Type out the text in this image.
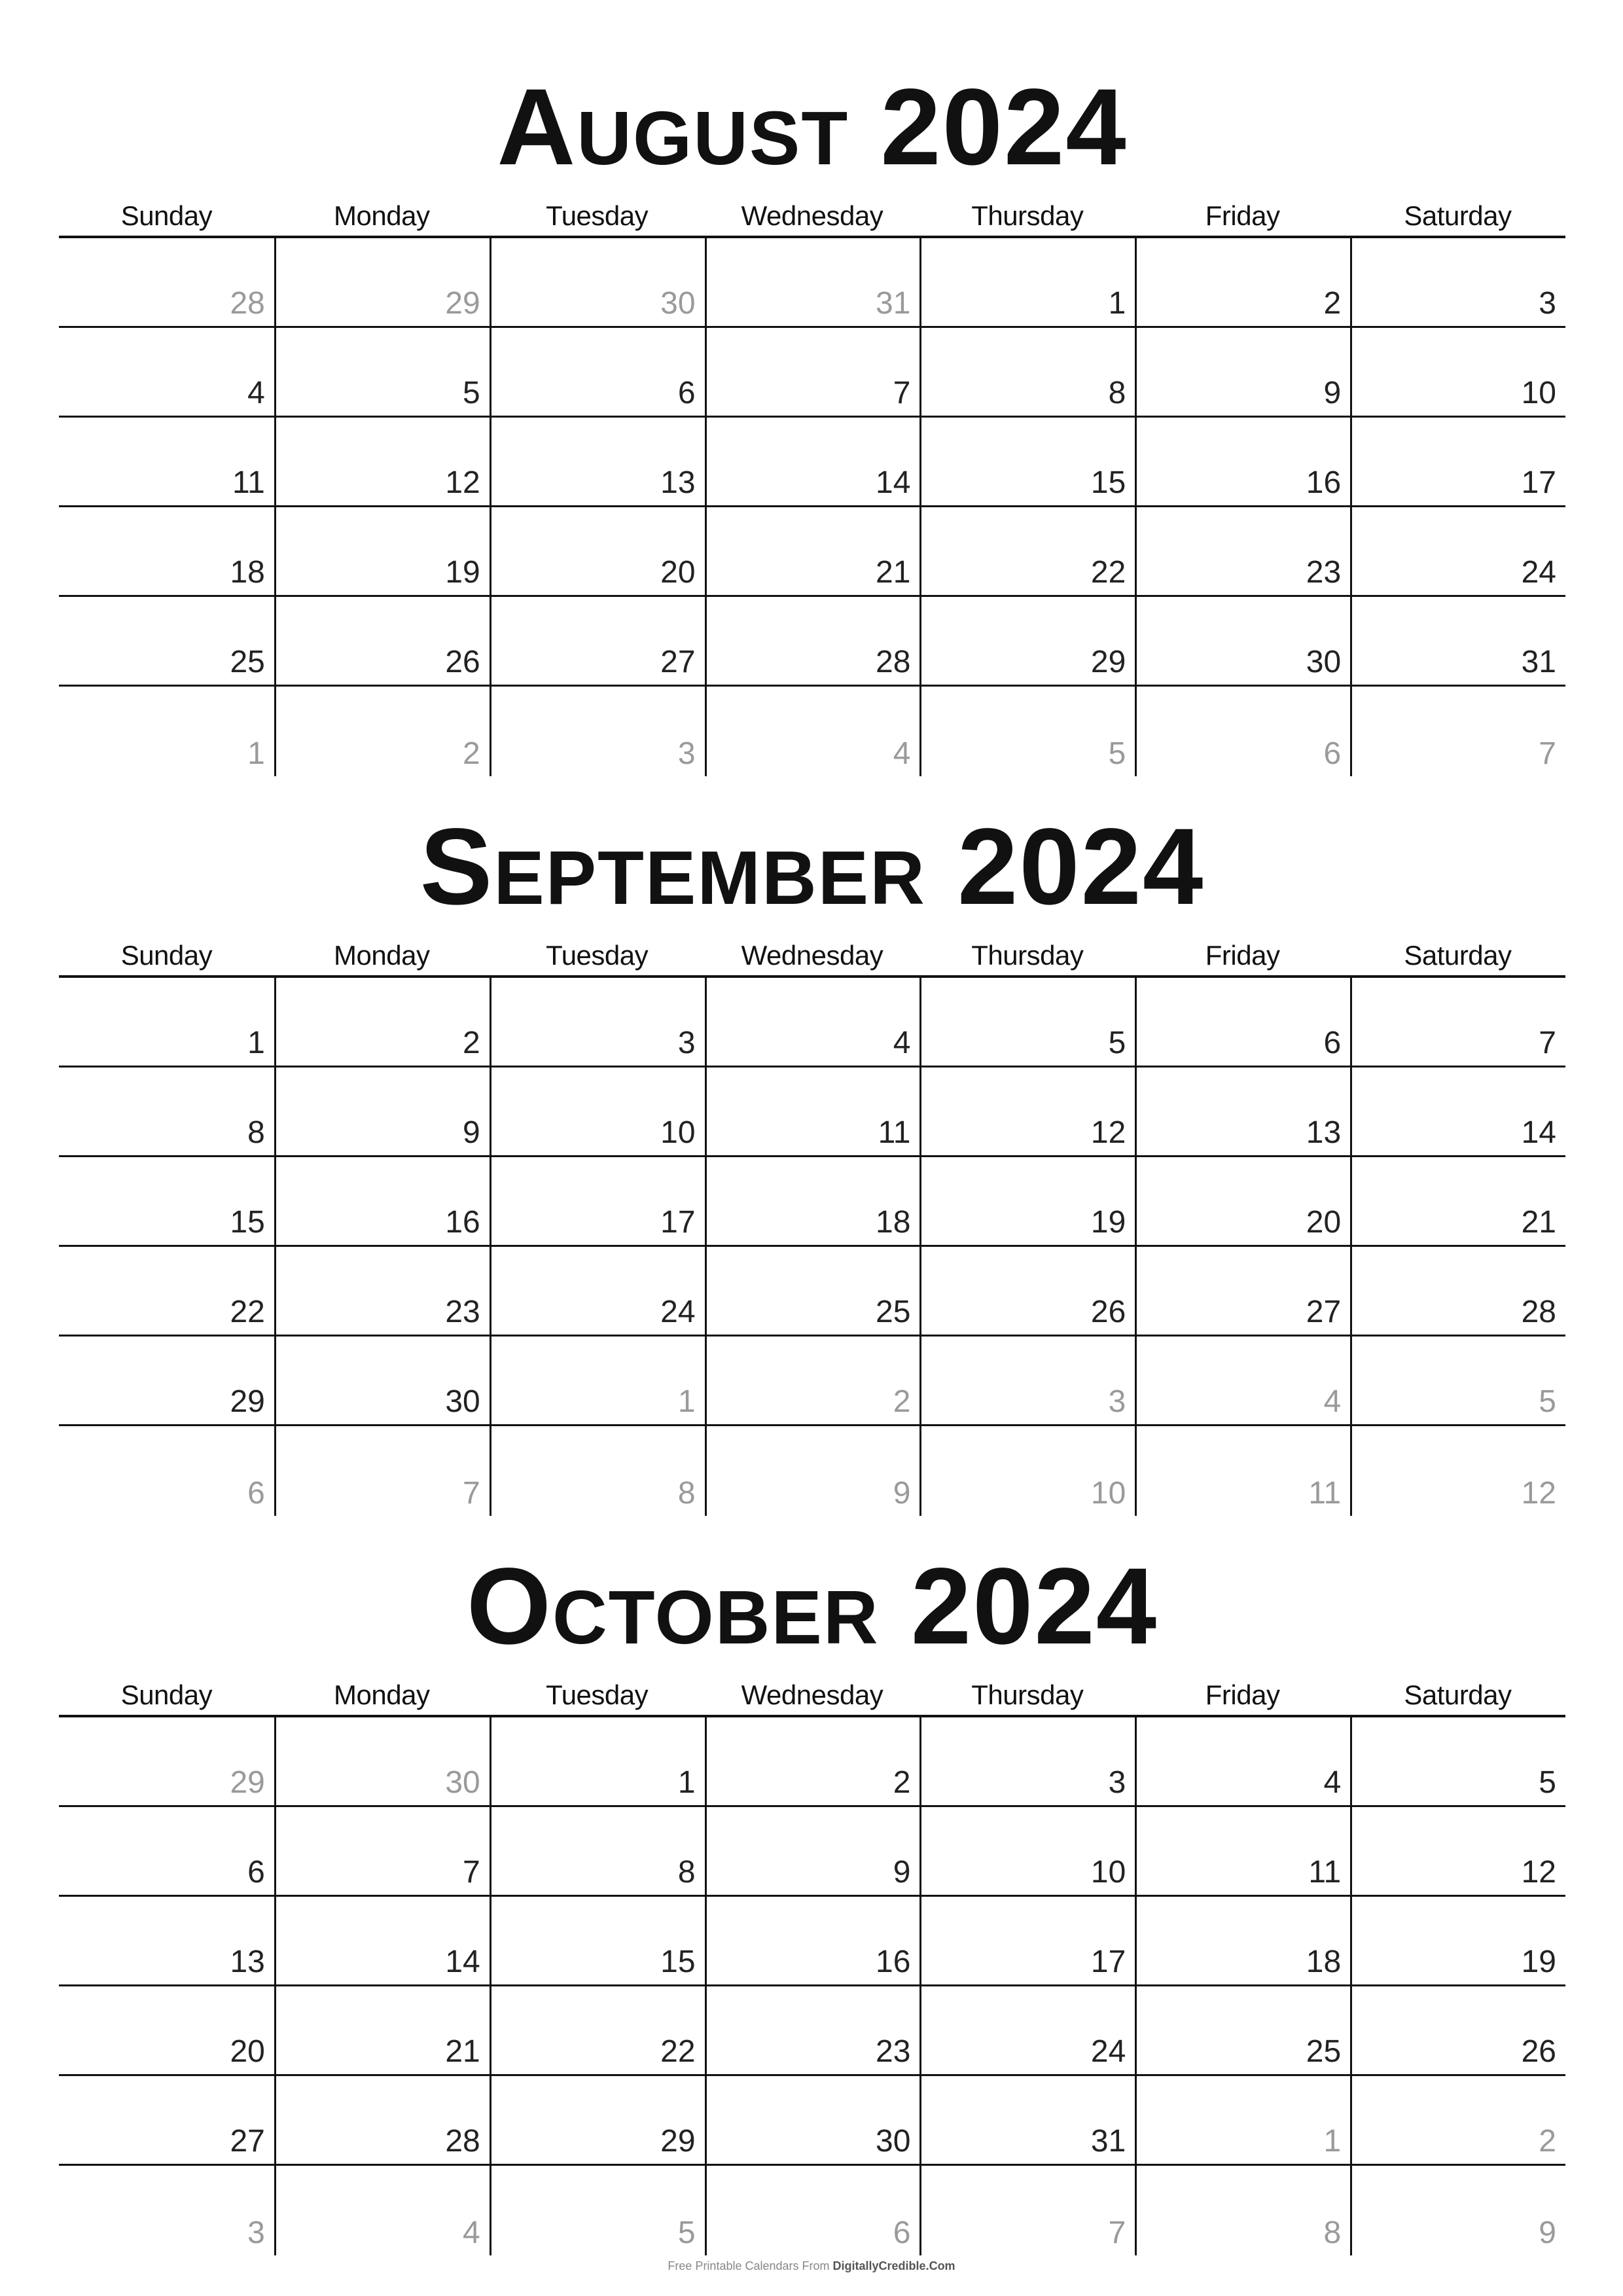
August 2024
Sunday	Monday	Tuesday	Wednesday	Thursday	Friday	Saturday
28	29	30	31	1	2	3
4	5	6	7	8	9	10
11	12	13	14	15	16	17
18	19	20	21	22	23	24
25	26	27	28	29	30	31
1	2	3	4	5	6	7
September 2024
Sunday	Monday	Tuesday	Wednesday	Thursday	Friday	Saturday
1	2	3	4	5	6	7
8	9	10	11	12	13	14
15	16	17	18	19	20	21
22	23	24	25	26	27	28
29	30	1	2	3	4	5
6	7	8	9	10	11	12
October 2024
Sunday	Monday	Tuesday	Wednesday	Thursday	Friday	Saturday
29	30	1	2	3	4	5
6	7	8	9	10	11	12
13	14	15	16	17	18	19
20	21	22	23	24	25	26
27	28	29	30	31	1	2
3	4	5	6	7	8	9
Free Printable Calendars From DigitallyCredible.Com
